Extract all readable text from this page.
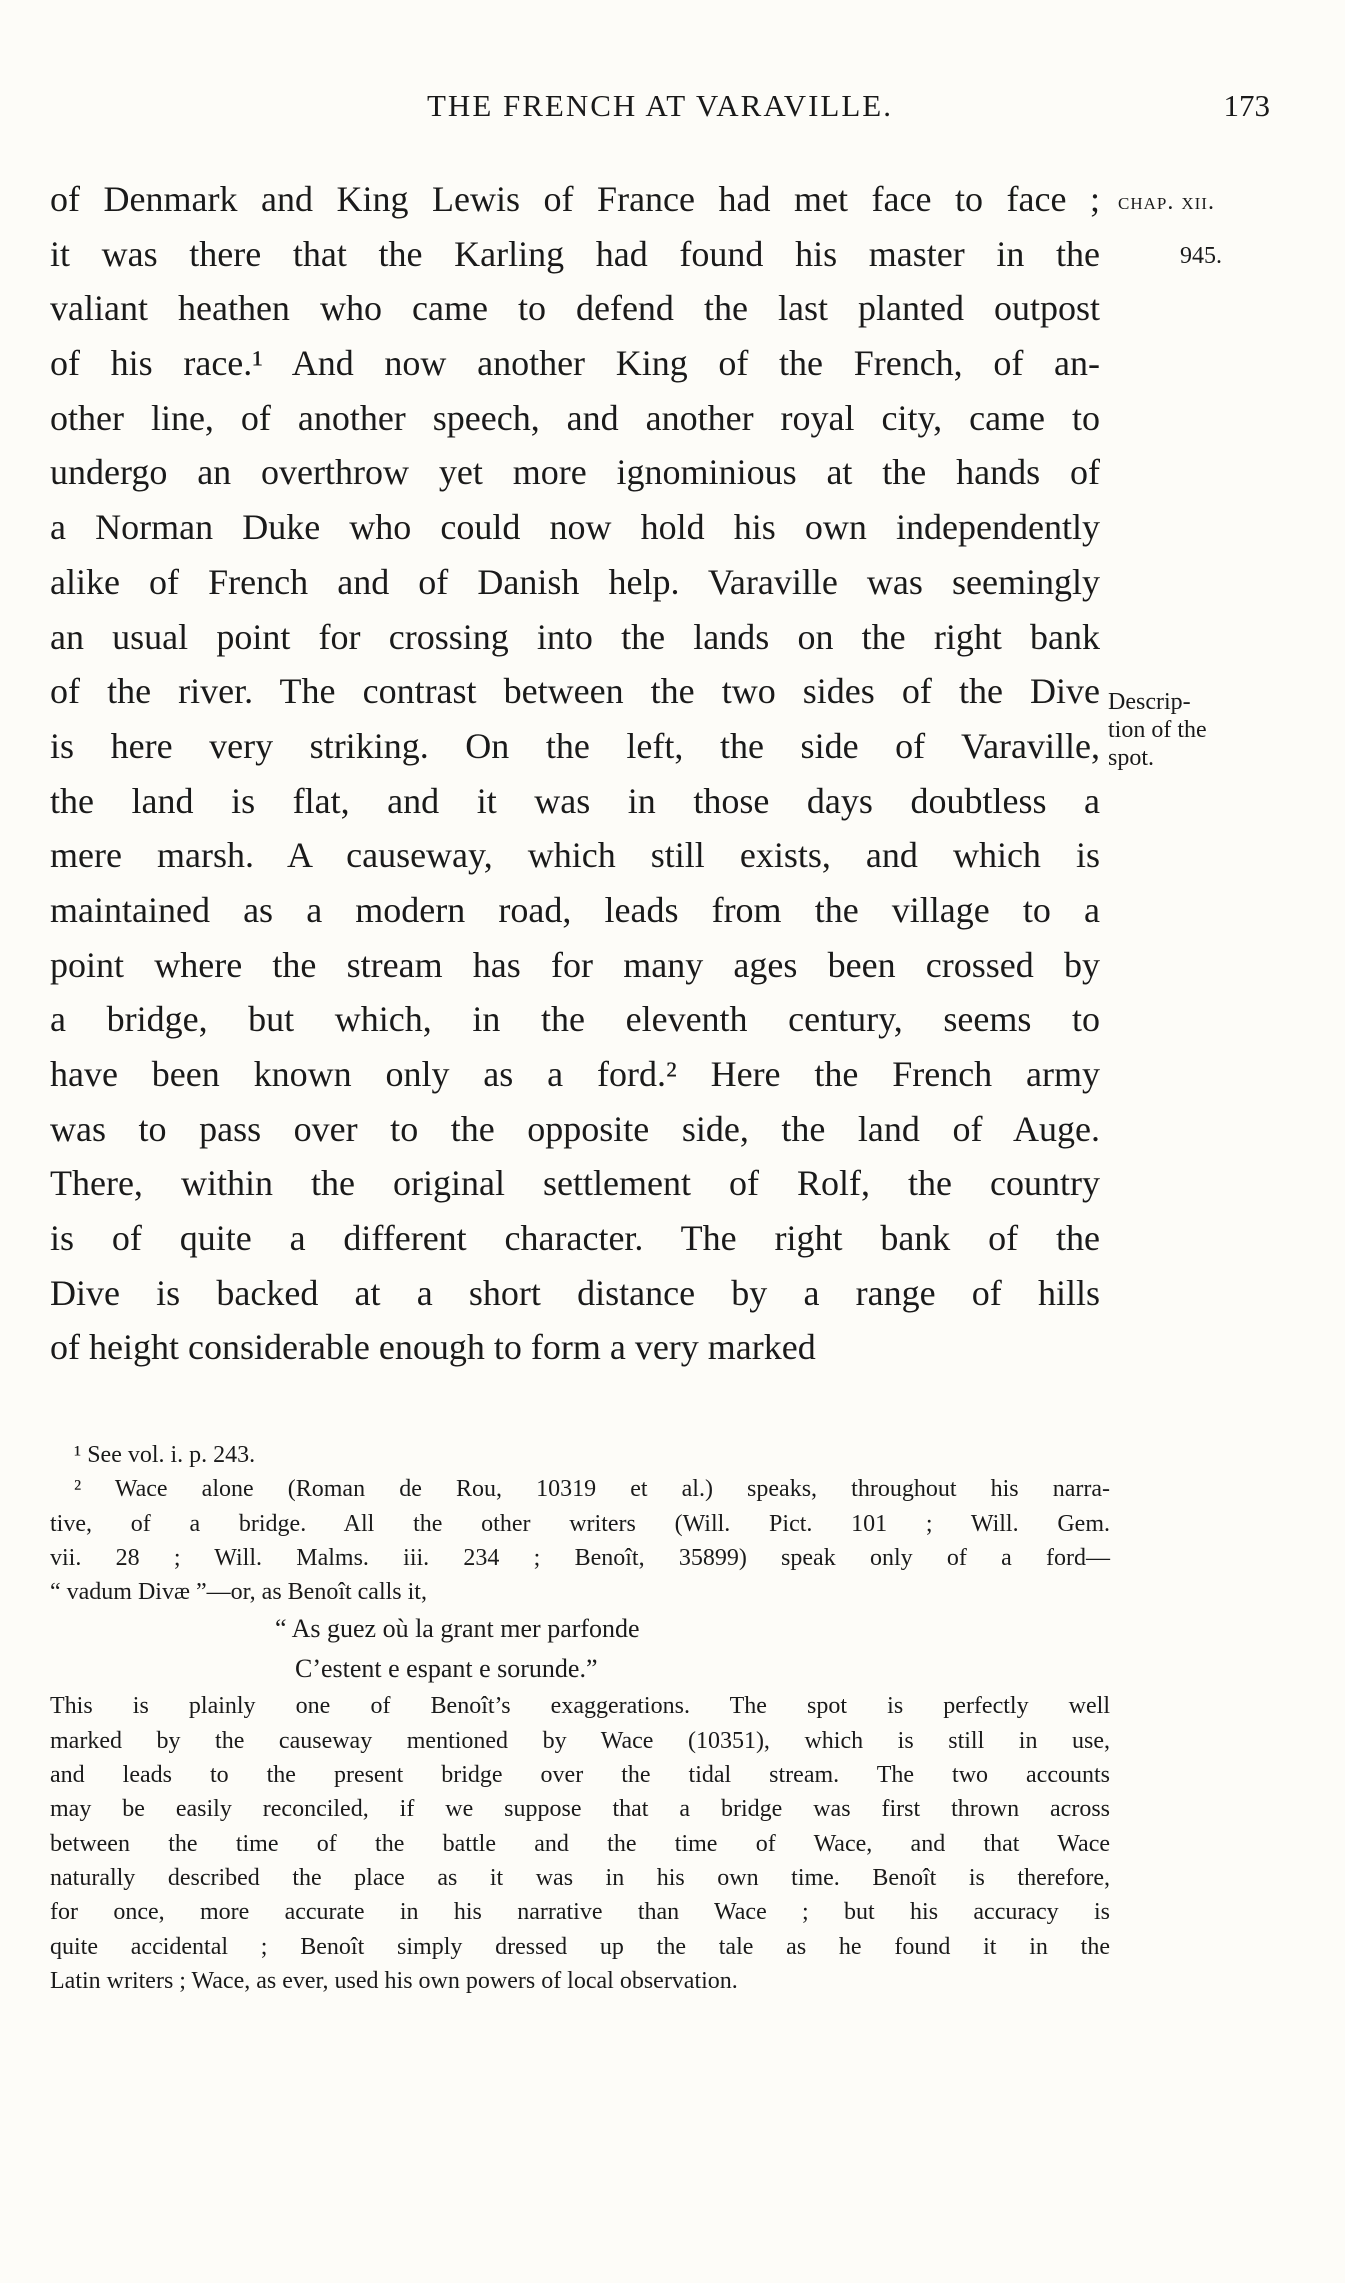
THE FRENCH AT VARAVILLE.	173
chap. xii.
945.
Descrip-
tion of the
spot.
of Denmark and King Lewis of France had met face to face ;
it was there that the Karling had found his master in the
valiant heathen who came to defend the last planted outpost
of his race.¹ And now another King of the French, of an-
other line, of another speech, and another royal city, came to
undergo an overthrow yet more ignominious at the hands of
a Norman Duke who could now hold his own independently
alike of French and of Danish help. Varaville was seemingly
an usual point for crossing into the lands on the right bank
of the river. The contrast between the two sides of the Dive
is here very striking. On the left, the side of Varaville,
the land is flat, and it was in those days doubtless a
mere marsh. A causeway, which still exists, and which is
maintained as a modern road, leads from the village to a
point where the stream has for many ages been crossed by
a bridge, but which, in the eleventh century, seems to
have been known only as a ford.² Here the French army
was to pass over to the opposite side, the land of Auge.
There, within the original settlement of Rolf, the country
is of quite a different character. The right bank of the
Dive is backed at a short distance by a range of hills
of height considerable enough to form a very marked
¹ See vol. i. p. 243.
² Wace alone (Roman de Rou, 10319 et al.) speaks, throughout his narra-
tive, of a bridge. All the other writers (Will. Pict. 101 ; Will. Gem.
vii. 28 ; Will. Malms. iii. 234 ; Benoît, 35899) speak only of a ford—
“ vadum Divæ ”—or, as Benoît calls it,
“ As guez où la grant mer parfonde
C’estent e espant e sorunde.”
This is plainly one of Benoît’s exaggerations. The spot is perfectly well
marked by the causeway mentioned by Wace (10351), which is still in use,
and leads to the present bridge over the tidal stream. The two accounts
may be easily reconciled, if we suppose that a bridge was first thrown across
between the time of the battle and the time of Wace, and that Wace
naturally described the place as it was in his own time. Benoît is therefore,
for once, more accurate in his narrative than Wace ; but his accuracy is
quite accidental ; Benoît simply dressed up the tale as he found it in the
Latin writers ; Wace, as ever, used his own powers of local observation.
